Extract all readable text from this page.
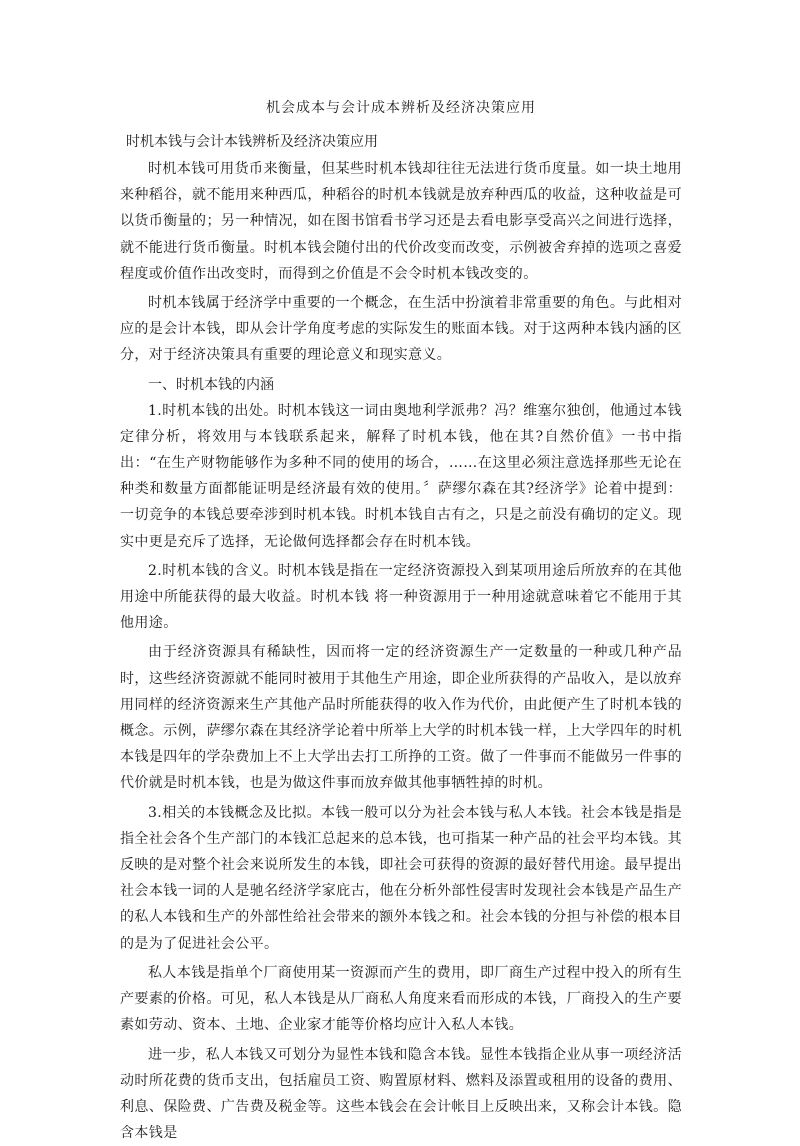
机会成本与会计成本辨析及经济决策应用
时机本钱与会计本钱辨析及经济决策应用

时机本钱可用货币来衡量，但某些时机本钱却往往无法进行货币度量。如一块土地用来种稻谷，就不能用来种西瓜，种稻谷的时机本钱就是放弃种西瓜的收益，这种收益是可以货币衡量的；另一种情况，如在图书馆看书学习还是去看电影享受高兴之间进行选择，就不能进行货币衡量。时机本钱会随付出的代价改变而改变，示例被舍弃掉的选项之喜爱程度或价值作出改变时，而得到之价值是不会令时机本钱改变的。

时机本钱属于经济学中重要的一个概念，在生活中扮演着非常重要的角色。与此相对应的是会计本钱，即从会计学角度考虑的实际发生的账面本钱。对于这两种本钱内涵的区分，对于经济决策具有重要的理论意义和现实意义。

一、时机本钱的内涵

1.时机本钱的出处。时机本钱这一词由奥地利学派弗？冯？维塞尔独创，他通过本钱定律分析，将效用与本钱联系起来，解释了时机本钱，他在其?自然价值》一书中指出：“在生产财物能够作为多种不同的使用的场合，……在这里必须注意选择那些无论在种类和数量方面都能证明是经济最有效的使用。〞萨缪尔森在其?经济学》论着中提到：一切竞争的本钱总要牵涉到时机本钱。时机本钱自古有之，只是之前没有确切的定义。现实中更是充斥了选择，无论做何选择都会存在时机本钱。

2.时机本钱的含义。时机本钱是指在一定经济资源投入到某项用途后所放弃的在其他用途中所能获得的最大收益。时机本钱 将一种资源用于一种用途就意味着它不能用于其他用途。

由于经济资源具有稀缺性，因而将一定的经济资源生产一定数量的一种或几种产品时，这些经济资源就不能同时被用于其他生产用途，即企业所获得的产品收入，是以放弃用同样的经济资源来生产其他产品时所能获得的收入作为代价，由此便产生了时机本钱的概念。示例，萨缪尔森在其经济学论着中所举上大学的时机本钱一样，上大学四年的时机本钱是四年的学杂费加上不上大学出去打工所挣的工资。做了一件事而不能做另一件事的代价就是时机本钱，也是为做这件事而放弃做其他事牺牲掉的时机。

3.相关的本钱概念及比拟。本钱一般可以分为社会本钱与私人本钱。社会本钱是指是指全社会各个生产部门的本钱汇总起来的总本钱，也可指某一种产品的社会平均本钱。其反映的是对整个社会来说所发生的本钱，即社会可获得的资源的最好替代用途。最早提出社会本钱一词的人是驰名经济学家庇古，他在分析外部性侵害时发现社会本钱是产品生产的私人本钱和生产的外部性给社会带来的额外本钱之和。社会本钱的分担与补偿的根本目的是为了促进社会公平。

私人本钱是指单个厂商使用某一资源而产生的费用，即厂商生产过程中投入的所有生产要素的价格。可见，私人本钱是从厂商私人角度来看而形成的本钱，厂商投入的生产要素如劳动、资本、土地、企业家才能等价格均应计入私人本钱。

进一步，私人本钱又可划分为显性本钱和隐含本钱。显性本钱指企业从事一项经济活动时所花费的货币支出，包括雇员工资、购置原材料、燃料及添置或租用的设备的费用、利息、保险费、广告费及税金等。这些本钱会在会计帐目上反映出来，又称会计本钱。隐含本钱是
